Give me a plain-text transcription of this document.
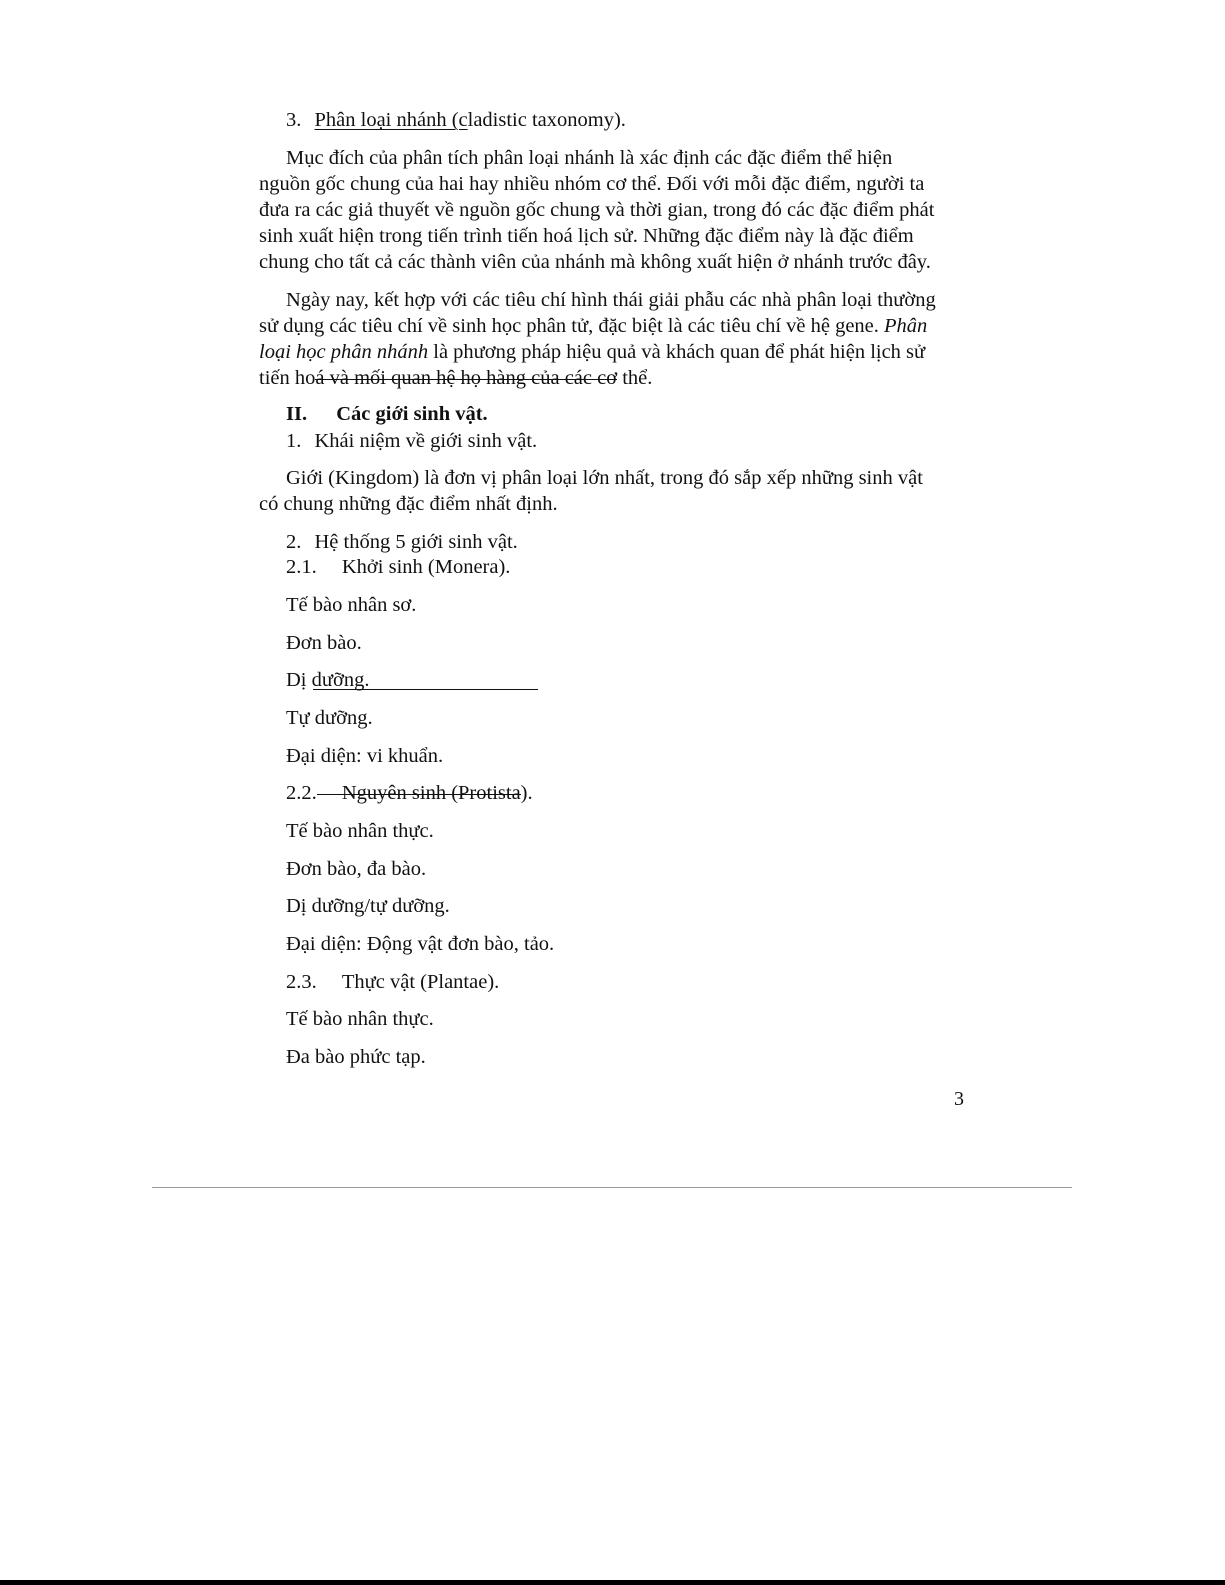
3. Phân loại nhánh (cladistic taxonomy).
Mục đích của phân tích phân loại nhánh là xác định các đặc điểm thể hiện
nguồn gốc chung của hai hay nhiều nhóm cơ thể. Đối với mỗi đặc điểm, người ta
đưa ra các giả thuyết về nguồn gốc chung và thời gian, trong đó các đặc điểm phát
sinh xuất hiện trong tiến trình tiến hoá lịch sử. Những đặc điểm này là đặc điểm
chung cho tất cả các thành viên của nhánh mà không xuất hiện ở nhánh trước đây.
Ngày nay, kết hợp với các tiêu chí hình thái giải phẫu các nhà phân loại thường
sử dụng các tiêu chí về sinh học phân tử, đặc biệt là các tiêu chí về hệ gene. Phân
loại học phân nhánh là phương pháp hiệu quả và khách quan để phát hiện lịch sử
tiến hoá và mối quan hệ họ hàng của các cơ thể.
II. Các giới sinh vật.
1. Khái niệm về giới sinh vật.
Giới (Kingdom) là đơn vị phân loại lớn nhất, trong đó sắp xếp những sinh vật
có chung những đặc điểm nhất định.
2. Hệ thống 5 giới sinh vật.
2.1. Khởi sinh (Monera).
Tế bào nhân sơ.
Đơn bào.
Dị dưỡng.
Tự dưỡng.
Đại diện: vi khuẩn.
2.2. Nguyên sinh (Protista).
Tế bào nhân thực.
Đơn bào, đa bào.
Dị dưỡng/tự dưỡng.
Đại diện: Động vật đơn bào, tảo.
2.3. Thực vật (Plantae).
Tế bào nhân thực.
Đa bào phức tạp.
3
